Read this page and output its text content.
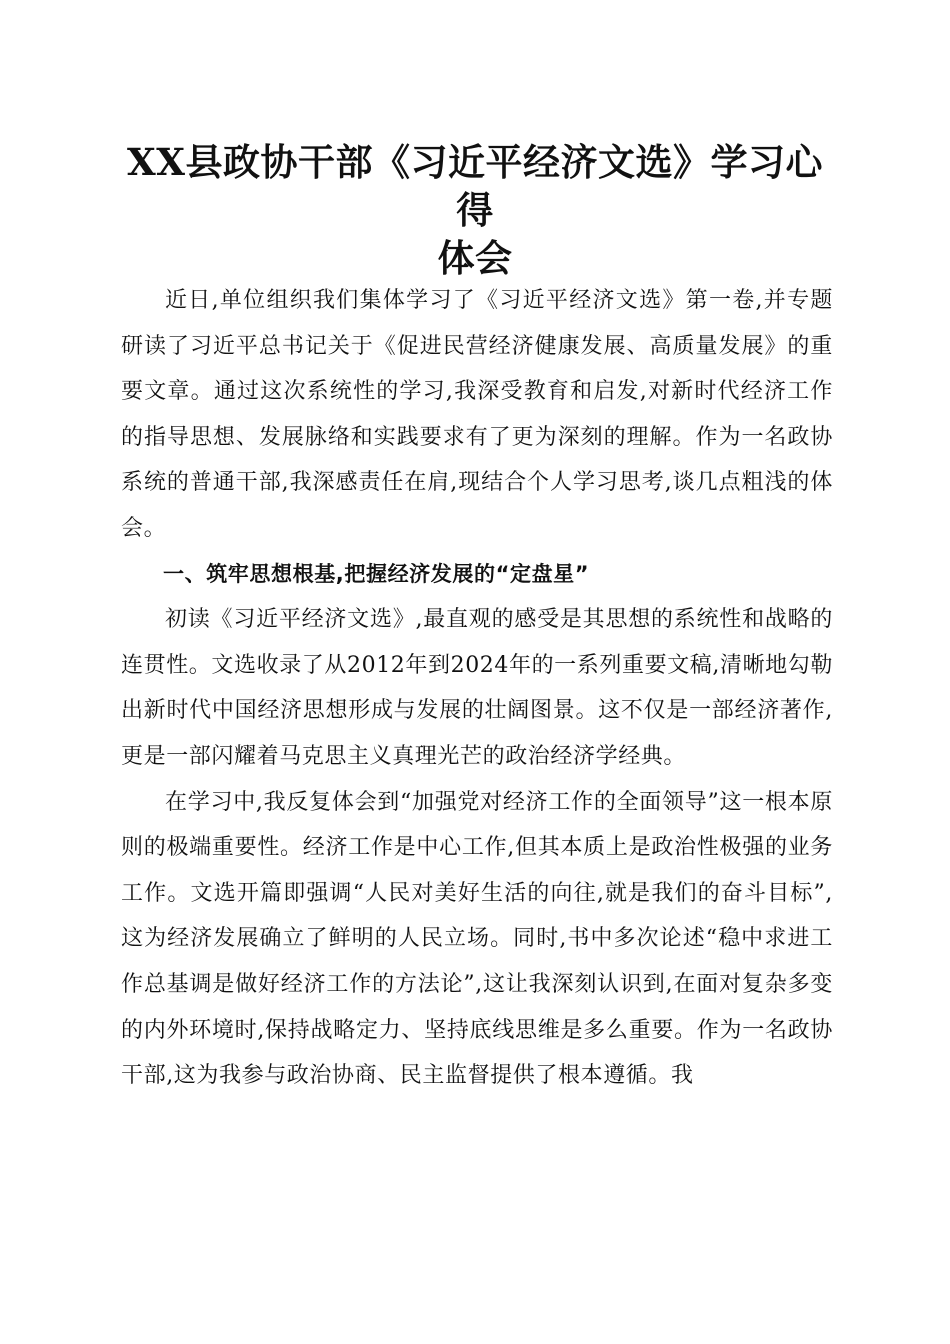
XX县政协干部《习近平经济文选》学习心得
体会

近日,单位组织我们集体学习了《习近平经济文选》第一卷,并专题研读了习近平总书记关于《促进民营经济健康发展、高质量发展》的重要文章。通过这次系统性的学习,我深受教育和启发,对新时代经济工作的指导思想、发展脉络和实践要求有了更为深刻的理解。作为一名政协系统的普通干部,我深感责任在肩,现结合个人学习思考,谈几点粗浅的体会。

一、筑牢思想根基,把握经济发展的“定盘星”

初读《习近平经济文选》,最直观的感受是其思想的系统性和战略的连贯性。文选收录了从2012年到2024年的一系列重要文稿,清晰地勾勒出新时代中国经济思想形成与发展的壮阔图景。这不仅是一部经济著作,更是一部闪耀着马克思主义真理光芒的政治经济学经典。

在学习中,我反复体会到“加强党对经济工作的全面领导”这一根本原则的极端重要性。经济工作是中心工作,但其本质上是政治性极强的业务工作。文选开篇即强调“人民对美好生活的向往,就是我们的奋斗目标”,这为经济发展确立了鲜明的人民立场。同时,书中多次论述“稳中求进工作总基调是做好经济工作的方法论”,这让我深刻认识到,在面对复杂多变的内外环境时,保持战略定力、坚持底线思维是多么重要。作为一名政协干部,这为我参与政治协商、民主监督提供了根本遵循。我
